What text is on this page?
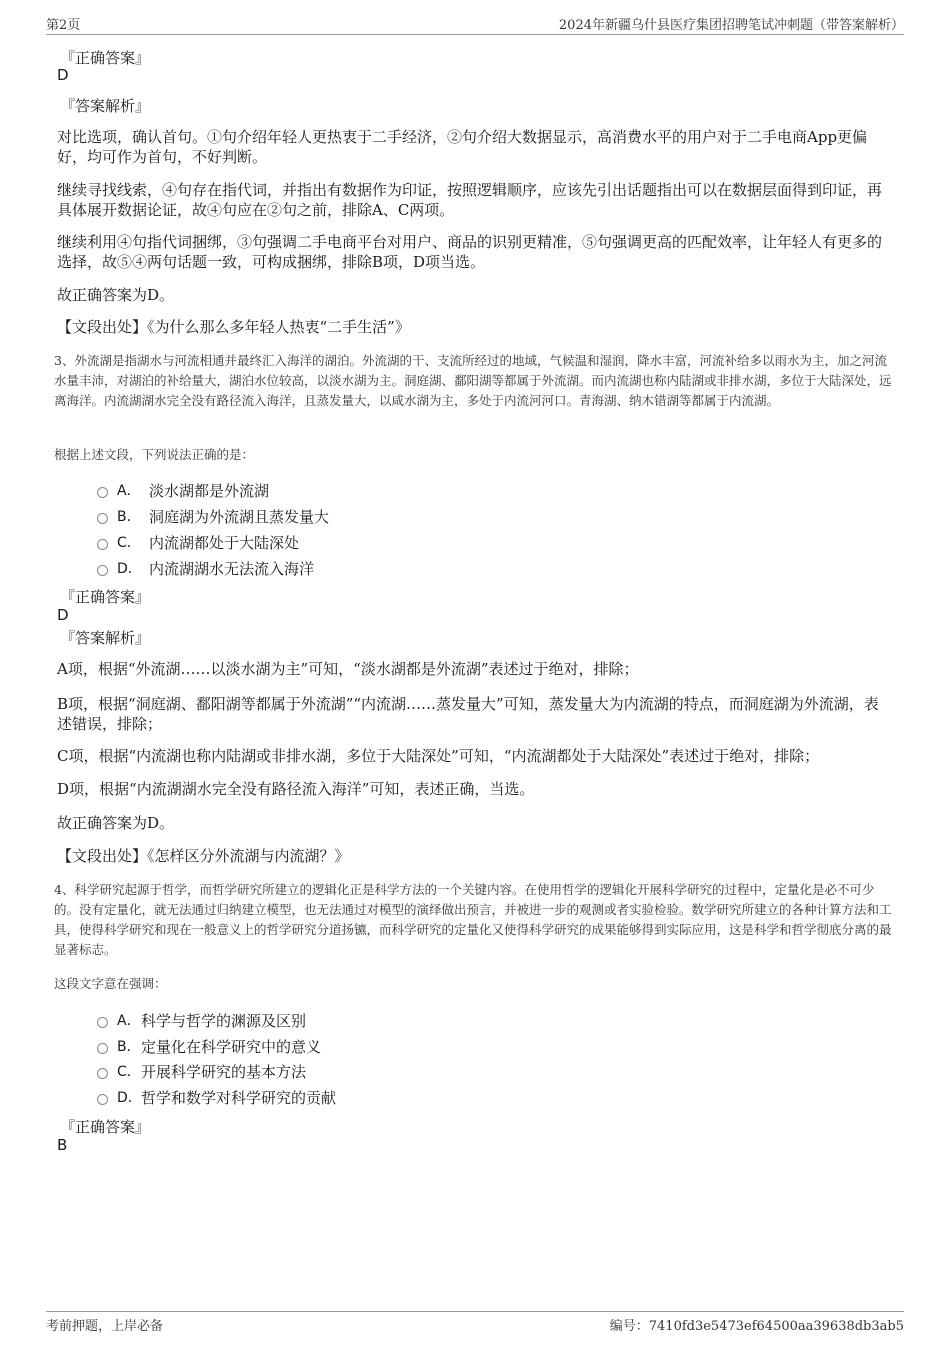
第2页	2024年新疆乌什县医疗集团招聘笔试冲刺题（带答案解析）
『正确答案』
D
『答案解析』

对比选项，确认首句。①句介绍年轻人更热衷于二手经济，②句介绍大数据显示，高消费水平的用户对于二手电商App更偏好，均可作为首句，不好判断。

继续寻找线索，④句存在指代词，并指出有数据作为印证，按照逻辑顺序，应该先引出话题指出可以在数据层面得到印证，再具体展开数据论证，故④句应在②句之前，排除A、C两项。

继续利用④句指代词捆绑，③句强调二手电商平台对用户、商品的识别更精准，⑤句强调更高的匹配效率，让年轻人有更多的选择，故⑤④两句话题一致，可构成捆绑，排除B项，D项当选。

故正确答案为D。

【文段出处】《为什么那么多年轻人热衷“二手生活”》

3、外流湖是指湖水与河流相通并最终汇入海洋的湖泊。外流湖的干、支流所经过的地域，气候温和湿润，降水丰富，河流补给多以雨水为主，加之河流水量丰沛，对湖泊的补给量大，湖泊水位较高，以淡水湖为主。洞庭湖、鄱阳湖等都属于外流湖。而内流湖也称内陆湖或非排水湖，多位于大陆深处，远离海洋。内流湖湖水完全没有路径流入海洋，且蒸发量大，以咸水湖为主，多处于内流河河口。青海湖、纳木错湖等都属于内流湖。

根据上述文段，下列说法正确的是：

A． 淡水湖都是外流湖
B． 洞庭湖为外流湖且蒸发量大
C． 内流湖都处于大陆深处
D． 内流湖湖水无法流入海洋
『正确答案』
D
『答案解析』

A项，根据“外流湖……以淡水湖为主”可知，“淡水湖都是外流湖”表述过于绝对，排除；

B项，根据“洞庭湖、鄱阳湖等都属于外流湖”“内流湖……蒸发量大”可知，蒸发量大为内流湖的特点，而洞庭湖为外流湖，表述错误，排除；

C项，根据“内流湖也称内陆湖或非排水湖，多位于大陆深处”可知，“内流湖都处于大陆深处”表述过于绝对，排除；

D项，根据“内流湖湖水完全没有路径流入海洋”可知，表述正确，当选。

故正确答案为D。

【文段出处】《怎样区分外流湖与内流湖？》

4、科学研究起源于哲学，而哲学研究所建立的逻辑化正是科学方法的一个关键内容。在使用哲学的逻辑化开展科学研究的过程中，定量化是必不可少的。没有定量化，就无法通过归纳建立模型，也无法通过对模型的演绎做出预言，并被进一步的观测或者实验检验。数学研究所建立的各种计算方法和工具，使得科学研究和现在一般意义上的哲学研究分道扬镳，而科学研究的定量化又使得科学研究的成果能够得到实际应用，这是科学和哲学彻底分离的最显著标志。

这段文字意在强调：

A． 科学与哲学的渊源及区别
B． 定量化在科学研究中的意义
C． 开展科学研究的基本方法
D． 哲学和数学对科学研究的贡献
『正确答案』
B
考前押题，上岸必备	编号：7410fd3e5473ef64500aa39638db3ab5
